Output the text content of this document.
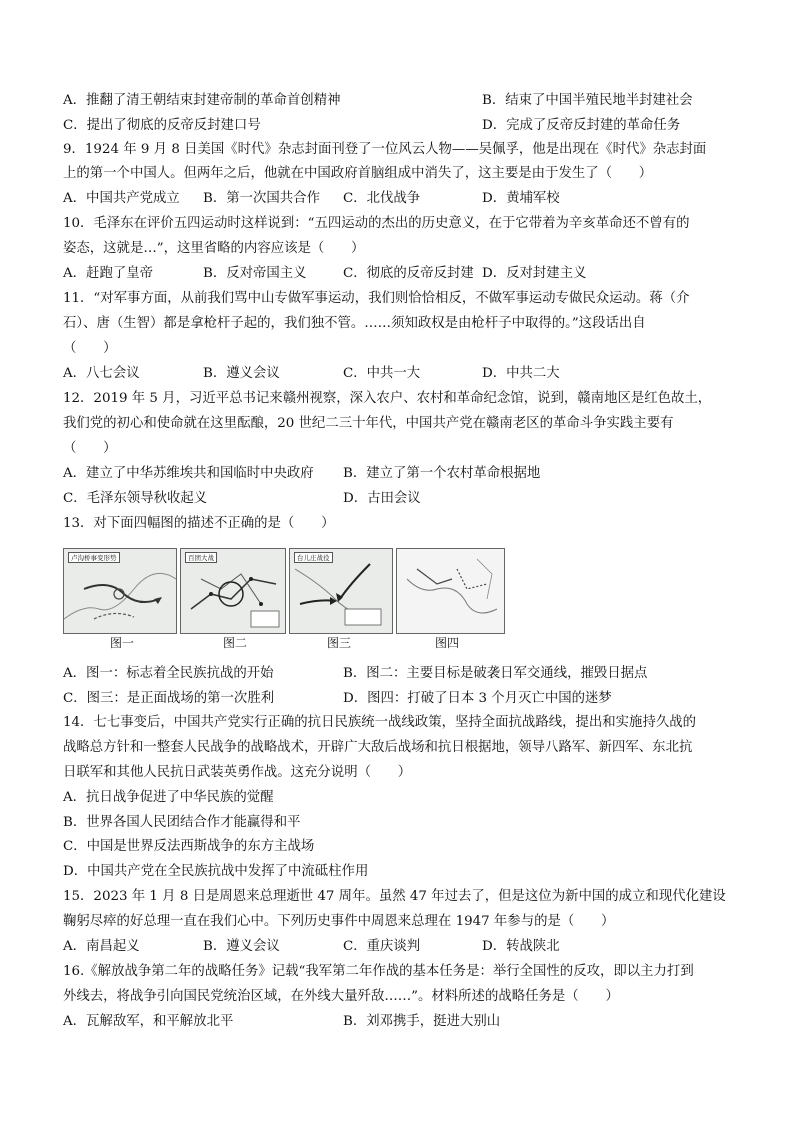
A．推翻了清王朝结束封建帝制的革命首创精神	B．结束了中国半殖民地半封建社会
C．提出了彻底的反帝反封建口号	D．完成了反帝反封建的革命任务
9．1924 年 9 月 8 日美国《时代》杂志封面刊登了一位风云人物——吴佩孚，他是出现在《时代》杂志封面
上的第一个中国人。但两年之后，他就在中国政府首脑组成中消失了，这主要是由于发生了（　　）
A．中国共产党成立 B．第一次国共合作 C．北伐战争	D．黄埔军校
10．毛泽东在评价五四运动时这样说到：“五四运动的杰出的历史意义，在于它带着为辛亥革命还不曾有的
姿态，这就是…”，这里省略的内容应该是（　　）
A．赶跑了皇帝	B．反对帝国主义	C．彻底的反帝反封建 D．反对封建主义
11．“对军事方面，从前我们骂中山专做军事运动，我们则恰恰相反，不做军事运动专做民众运动。蒋（介
石）、唐（生智）都是拿枪杆子起的，我们独不管。……须知政权是由枪杆子中取得的。”这段话出自
（　　）
A．八七会议	B．遵义会议	C．中共一大	D．中共二大
12．2019 年 5 月，习近平总书记来赣州视察，深入农户、农村和革命纪念馆，说到，赣南地区是红色故土，
我们党的初心和使命就在这里酝酿，20 世纪二三十年代，中国共产党在赣南老区的革命斗争实践主要有
（　　）
A．建立了中华苏维埃共和国临时中央政府 B．建立了第一个农村革命根据地
C．毛泽东领导秋收起义	D．古田会议
13．对下面四幅图的描述不正确的是（　　）
卢沟桥事变形势	百团大战	台儿庄战役
图一	图二	图三	图四
A．图一：标志着全民族抗战的开始	B．图二：主要目标是破袭日军交通线，摧毁日据点
C．图三：是正面战场的第一次胜利	D．图四：打破了日本 3 个月灭亡中国的迷梦
14．七七事变后，中国共产党实行正确的抗日民族统一战线政策，坚持全面抗战路线，提出和实施持久战的
战略总方针和一整套人民战争的战略战术，开辟广大敌后战场和抗日根据地，领导八路军、新四军、东北抗
日联军和其他人民抗日武装英勇作战。这充分说明（　　）
A．抗日战争促进了中华民族的觉醒
B．世界各国人民团结合作才能赢得和平
C．中国是世界反法西斯战争的东方主战场
D．中国共产党在全民族抗战中发挥了中流砥柱作用
15．2023 年 1 月 8 日是周恩来总理逝世 47 周年。虽然 47 年过去了，但是这位为新中国的成立和现代化建设
鞠躬尽瘁的好总理一直在我们心中。下列历史事件中周恩来总理在 1947 年参与的是（　　）
A．南昌起义	B．遵义会议	C．重庆谈判	D．转战陕北
16.《解放战争第二年的战略任务》记载“我军第二年作战的基本任务是：举行全国性的反攻，即以主力打到
外线去，将战争引向国民党统治区域，在外线大量歼敌……”。材料所述的战略任务是（　　）
A．瓦解敌军，和平解放北平	B．刘邓携手，挺进大别山
